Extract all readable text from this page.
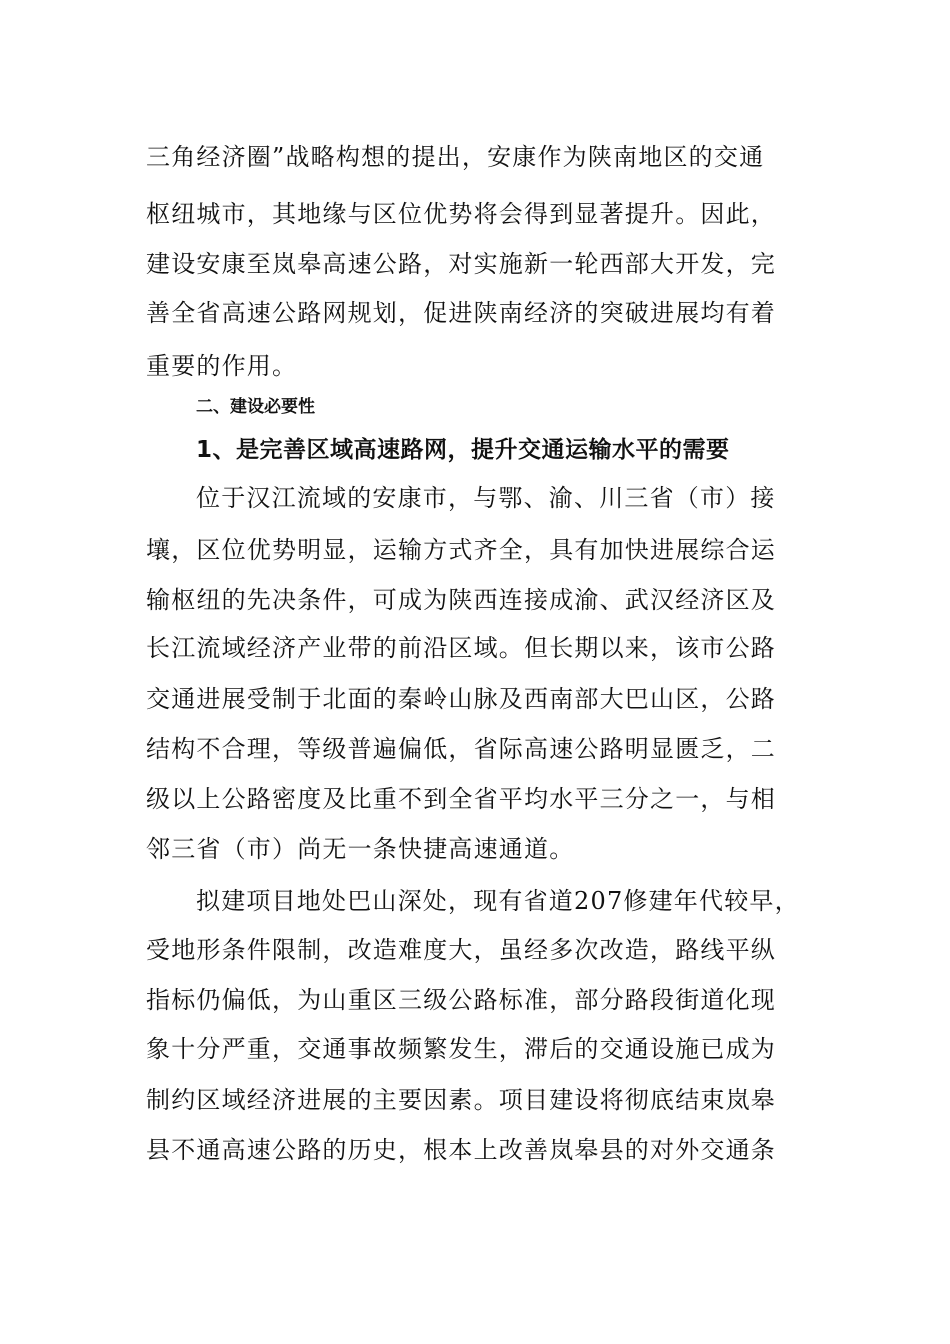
三角经济圈”战略构想的提出，安康作为陕南地区的交通
枢纽城市，其地缘与区位优势将会得到显著提升。因此，
建设安康至岚皋高速公路，对实施新一轮西部大开发，完
善全省高速公路网规划，促进陕南经济的突破进展均有着
重要的作用。
二、建设必要性
1、是完善区域高速路网，提升交通运输水平的需要
位于汉江流域的安康市，与鄂、渝、川三省（市）接
壤，区位优势明显，运输方式齐全，具有加快进展综合运
输枢纽的先决条件，可成为陕西连接成渝、武汉经济区及
长江流域经济产业带的前沿区域。但长期以来，该市公路
交通进展受制于北面的秦岭山脉及西南部大巴山区，公路
结构不合理，等级普遍偏低，省际高速公路明显匮乏，二
级以上公路密度及比重不到全省平均水平三分之一，与相
邻三省（市）尚无一条快捷高速通道。
拟建项目地处巴山深处，现有省道207修建年代较早，
受地形条件限制，改造难度大，虽经多次改造，路线平纵
指标仍偏低，为山重区三级公路标准，部分路段街道化现
象十分严重，交通事故频繁发生，滞后的交通设施已成为
制约区域经济进展的主要因素。项目建设将彻底结束岚皋
县不通高速公路的历史，根本上改善岚皋县的对外交通条
